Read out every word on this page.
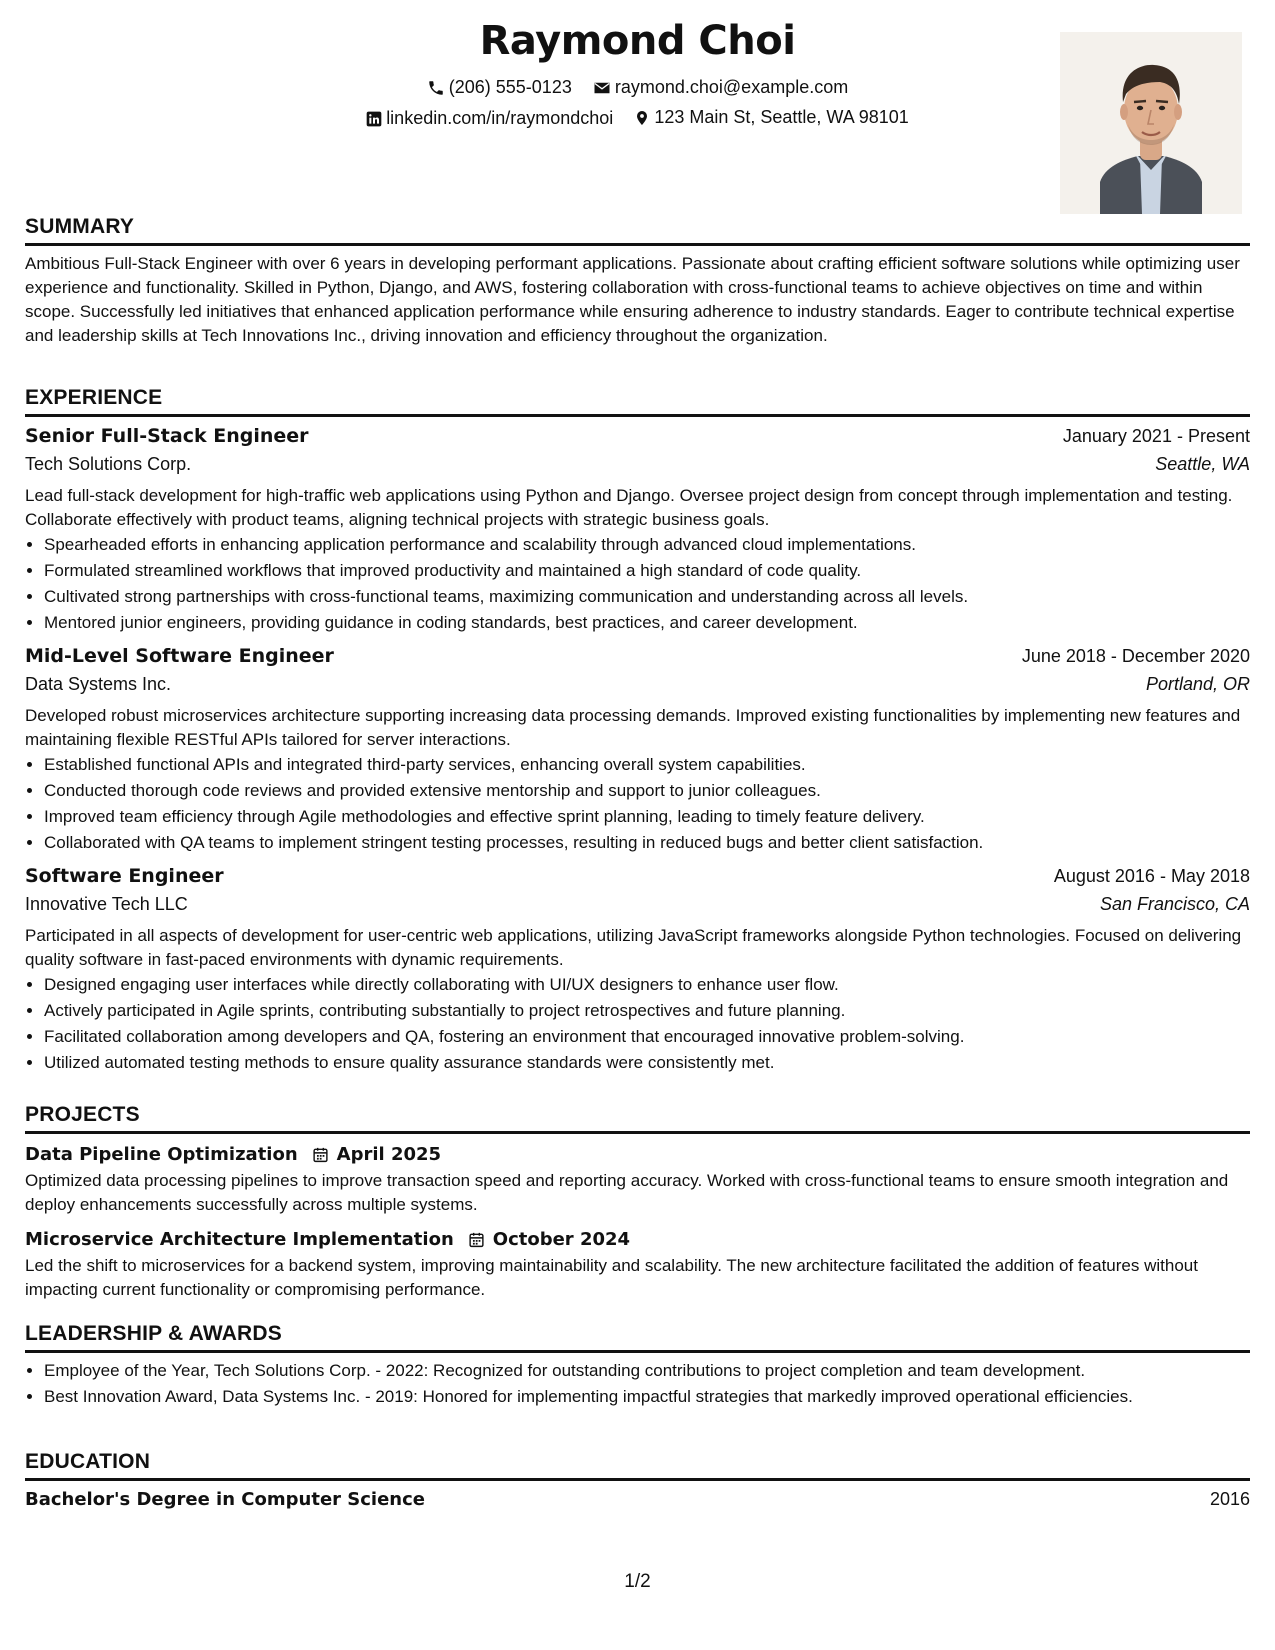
Raymond Choi
(206) 555-0123
raymond.choi@example.com
linkedin.com/in/raymondchoi
123 Main St, Seattle, WA 98101
SUMMARY

Ambitious Full-Stack Engineer with over 6 years in developing performant applications. Passionate about crafting efficient software solutions while optimizing user experience and functionality. Skilled in Python, Django, and AWS, fostering collaboration with cross-functional teams to achieve objectives on time and within scope. Successfully led initiatives that enhanced application performance while ensuring adherence to industry standards. Eager to contribute technical expertise and leadership skills at Tech Innovations Inc., driving innovation and efficiency throughout the organization.

EXPERIENCE
Senior Full-Stack Engineer	January 2021 - Present
Tech Solutions Corp.	Seattle, WA

Lead full-stack development for high-traffic web applications using Python and Django. Oversee project design from concept through implementation and testing. Collaborate effectively with product teams, aligning technical projects with strategic business goals.

• Spearheaded efforts in enhancing application performance and scalability through advanced cloud implementations.
• Formulated streamlined workflows that improved productivity and maintained a high standard of code quality.
• Cultivated strong partnerships with cross-functional teams, maximizing communication and understanding across all levels.
• Mentored junior engineers, providing guidance in coding standards, best practices, and career development.
Mid-Level Software Engineer	June 2018 - December 2020
Data Systems Inc.	Portland, OR

Developed robust microservices architecture supporting increasing data processing demands. Improved existing functionalities by implementing new features and maintaining flexible RESTful APIs tailored for server interactions.

• Established functional APIs and integrated third-party services, enhancing overall system capabilities.
• Conducted thorough code reviews and provided extensive mentorship and support to junior colleagues.
• Improved team efficiency through Agile methodologies and effective sprint planning, leading to timely feature delivery.
• Collaborated with QA teams to implement stringent testing processes, resulting in reduced bugs and better client satisfaction.
Software Engineer	August 2016 - May 2018
Innovative Tech LLC	San Francisco, CA

Participated in all aspects of development for user-centric web applications, utilizing JavaScript frameworks alongside Python technologies. Focused on delivering quality software in fast-paced environments with dynamic requirements.

• Designed engaging user interfaces while directly collaborating with UI/UX designers to enhance user flow.
• Actively participated in Agile sprints, contributing substantially to project retrospectives and future planning.
• Facilitated collaboration among developers and QA, fostering an environment that encouraged innovative problem-solving.
• Utilized automated testing methods to ensure quality assurance standards were consistently met.
PROJECTS
Data Pipeline Optimization April 2025

Optimized data processing pipelines to improve transaction speed and reporting accuracy. Worked with cross-functional teams to ensure smooth integration and deploy enhancements successfully across multiple systems.

Microservice Architecture Implementation October 2024

Led the shift to microservices for a backend system, improving maintainability and scalability. The new architecture facilitated the addition of features without impacting current functionality or compromising performance.

LEADERSHIP & AWARDS
• Employee of the Year, Tech Solutions Corp. - 2022: Recognized for outstanding contributions to project completion and team development.
• Best Innovation Award, Data Systems Inc. - 2019: Honored for implementing impactful strategies that markedly improved operational efficiencies.
EDUCATION
Bachelor's Degree in Computer Science	2016
1/2
